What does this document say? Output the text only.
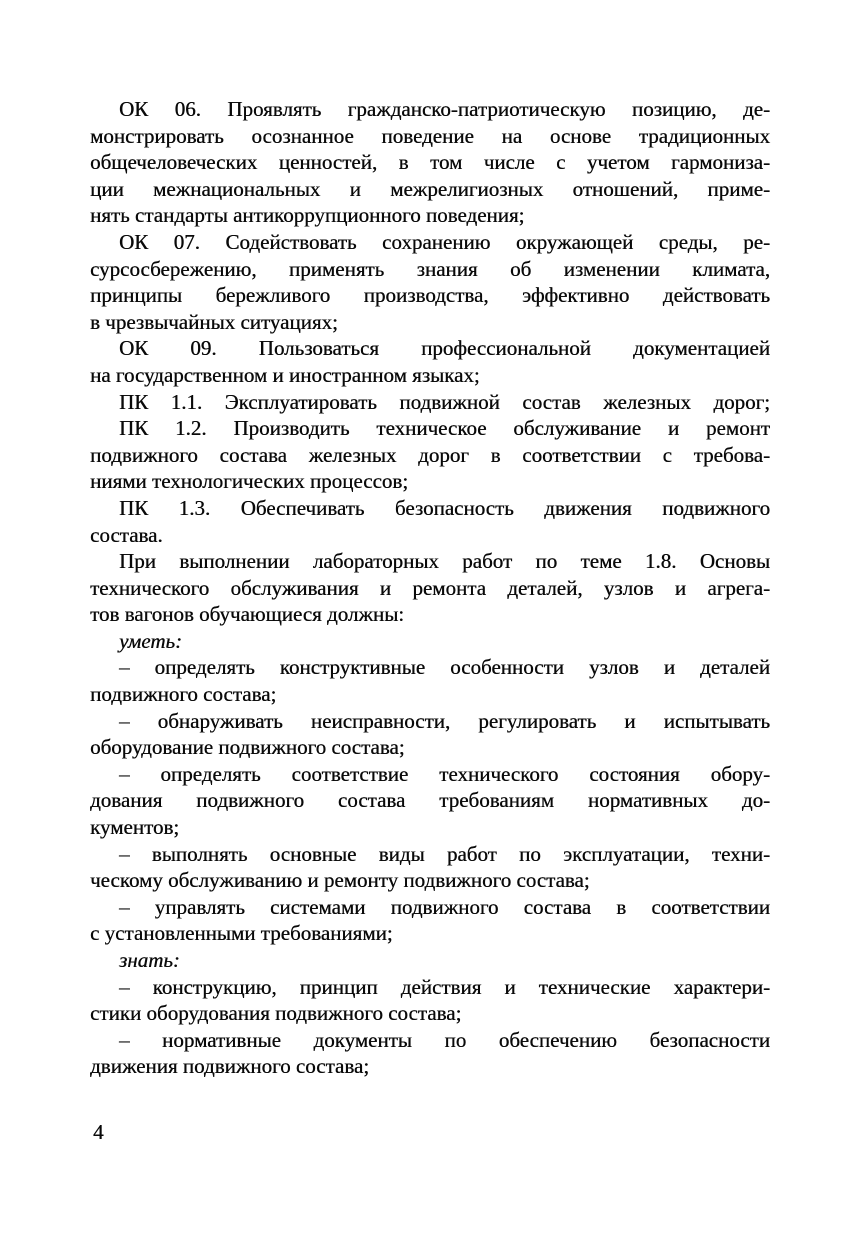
ОК 06. Проявлять гражданско-патриотическую позицию, де-
монстрировать осознанное поведение на основе традиционных
общечеловеческих ценностей, в том числе с учетом гармониза-
ции межнациональных и межрелигиозных отношений, приме-
нять стандарты антикоррупционного поведения;
ОК 07. Содействовать сохранению окружающей среды, ре-
сурсосбережению, применять знания об изменении климата,
принципы бережливого производства, эффективно действовать
в чрезвычайных ситуациях;
ОК 09. Пользоваться профессиональной документацией
на государственном и иностранном языках;
ПК 1.1. Эксплуатировать подвижной состав железных дорог;
ПК 1.2. Производить техническое обслуживание и ремонт
подвижного состава железных дорог в соответствии с требова-
ниями технологических процессов;
ПК 1.3. Обеспечивать безопасность движения подвижного
состава.
При выполнении лабораторных работ по теме 1.8. Основы
технического обслуживания и ремонта деталей, узлов и агрега-
тов вагонов обучающиеся должны:
уметь:
– определять конструктивные особенности узлов и деталей
подвижного состава;
– обнаруживать неисправности, регулировать и испытывать
оборудование подвижного состава;
– определять соответствие технического состояния обору-
дования подвижного состава требованиям нормативных до-
кументов;
– выполнять основные виды работ по эксплуатации, техни-
ческому обслуживанию и ремонту подвижного состава;
– управлять системами подвижного состава в соответствии
с установленными требованиями;
знать:
– конструкцию, принцип действия и технические характери-
стики оборудования подвижного состава;
– нормативные документы по обеспечению безопасности
движения подвижного состава;
4
